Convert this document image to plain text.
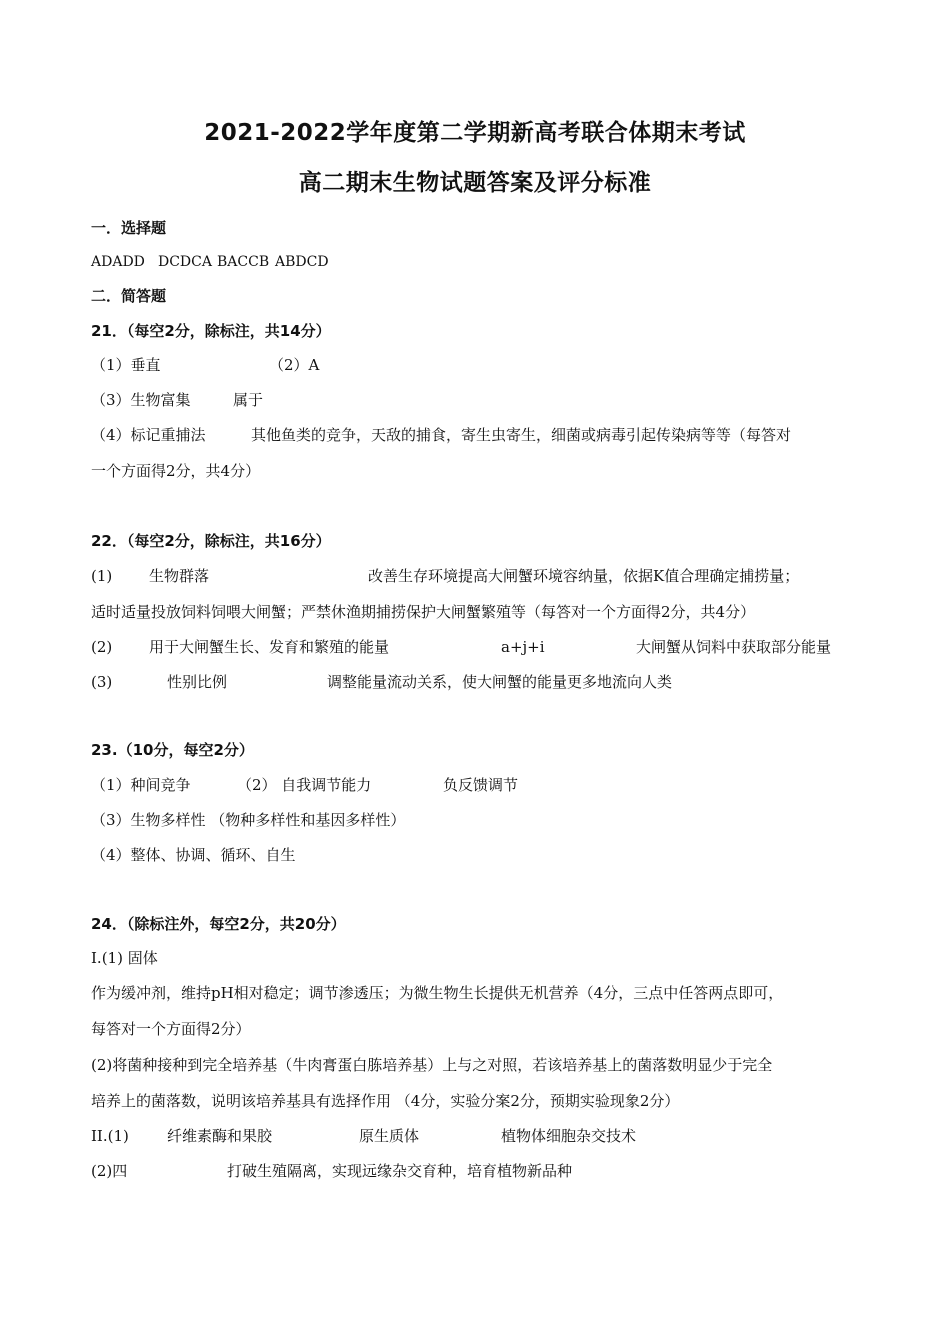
2021-2022学年度第二学期新高考联合体期末考试
高二期末生物试题答案及评分标准
一．选择题
ADADD DCDCA BACCB ABDCD
二．简答题
21．（每空2分，除标注，共14分）
（1）垂直	（2）A
（3）生物富集	属于
（4）标记重捕法	其他鱼类的竞争，天敌的捕食，寄生虫寄生，细菌或病毒引起传染病等等（每答对
一个方面得2分，共4分）
22．（每空2分，除标注，共16分）
(1) 生物群落	改善生存环境提高大闸蟹环境容纳量，依据K值合理确定捕捞量；
适时适量投放饲料饲喂大闸蟹；严禁休渔期捕捞保护大闸蟹繁殖等（每答对一个方面得2分，共4分）
(2) 用于大闸蟹生长、发育和繁殖的能量	a+j+i	大闸蟹从饲料中获取部分能量
(3)	性别比例	调整能量流动关系，使大闸蟹的能量更多地流向人类
23.（10分，每空2分）
（1）种间竞争	（2） 自我调节能力	负反馈调节
（3）生物多样性 （物种多样性和基因多样性）
（4）整体、协调、循环、自生
24．（除标注外，每空2分，共20分）
I.(1) 固体
作为缓冲剂，维持pH相对稳定；调节渗透压；为微生物生长提供无机营养（4分，三点中任答两点即可，
每答对一个方面得2分）
(2)将菌种接种到完全培养基（牛肉膏蛋白胨培养基）上与之对照，若该培养基上的菌落数明显少于完全
培养上的菌落数，说明该培养基具有选择作用 （4分，实验分案2分，预期实验现象2分）
II.(1)	纤维素酶和果胶	原生质体	植物体细胞杂交技术
(2)四	打破生殖隔离，实现远缘杂交育种，培育植物新品种
